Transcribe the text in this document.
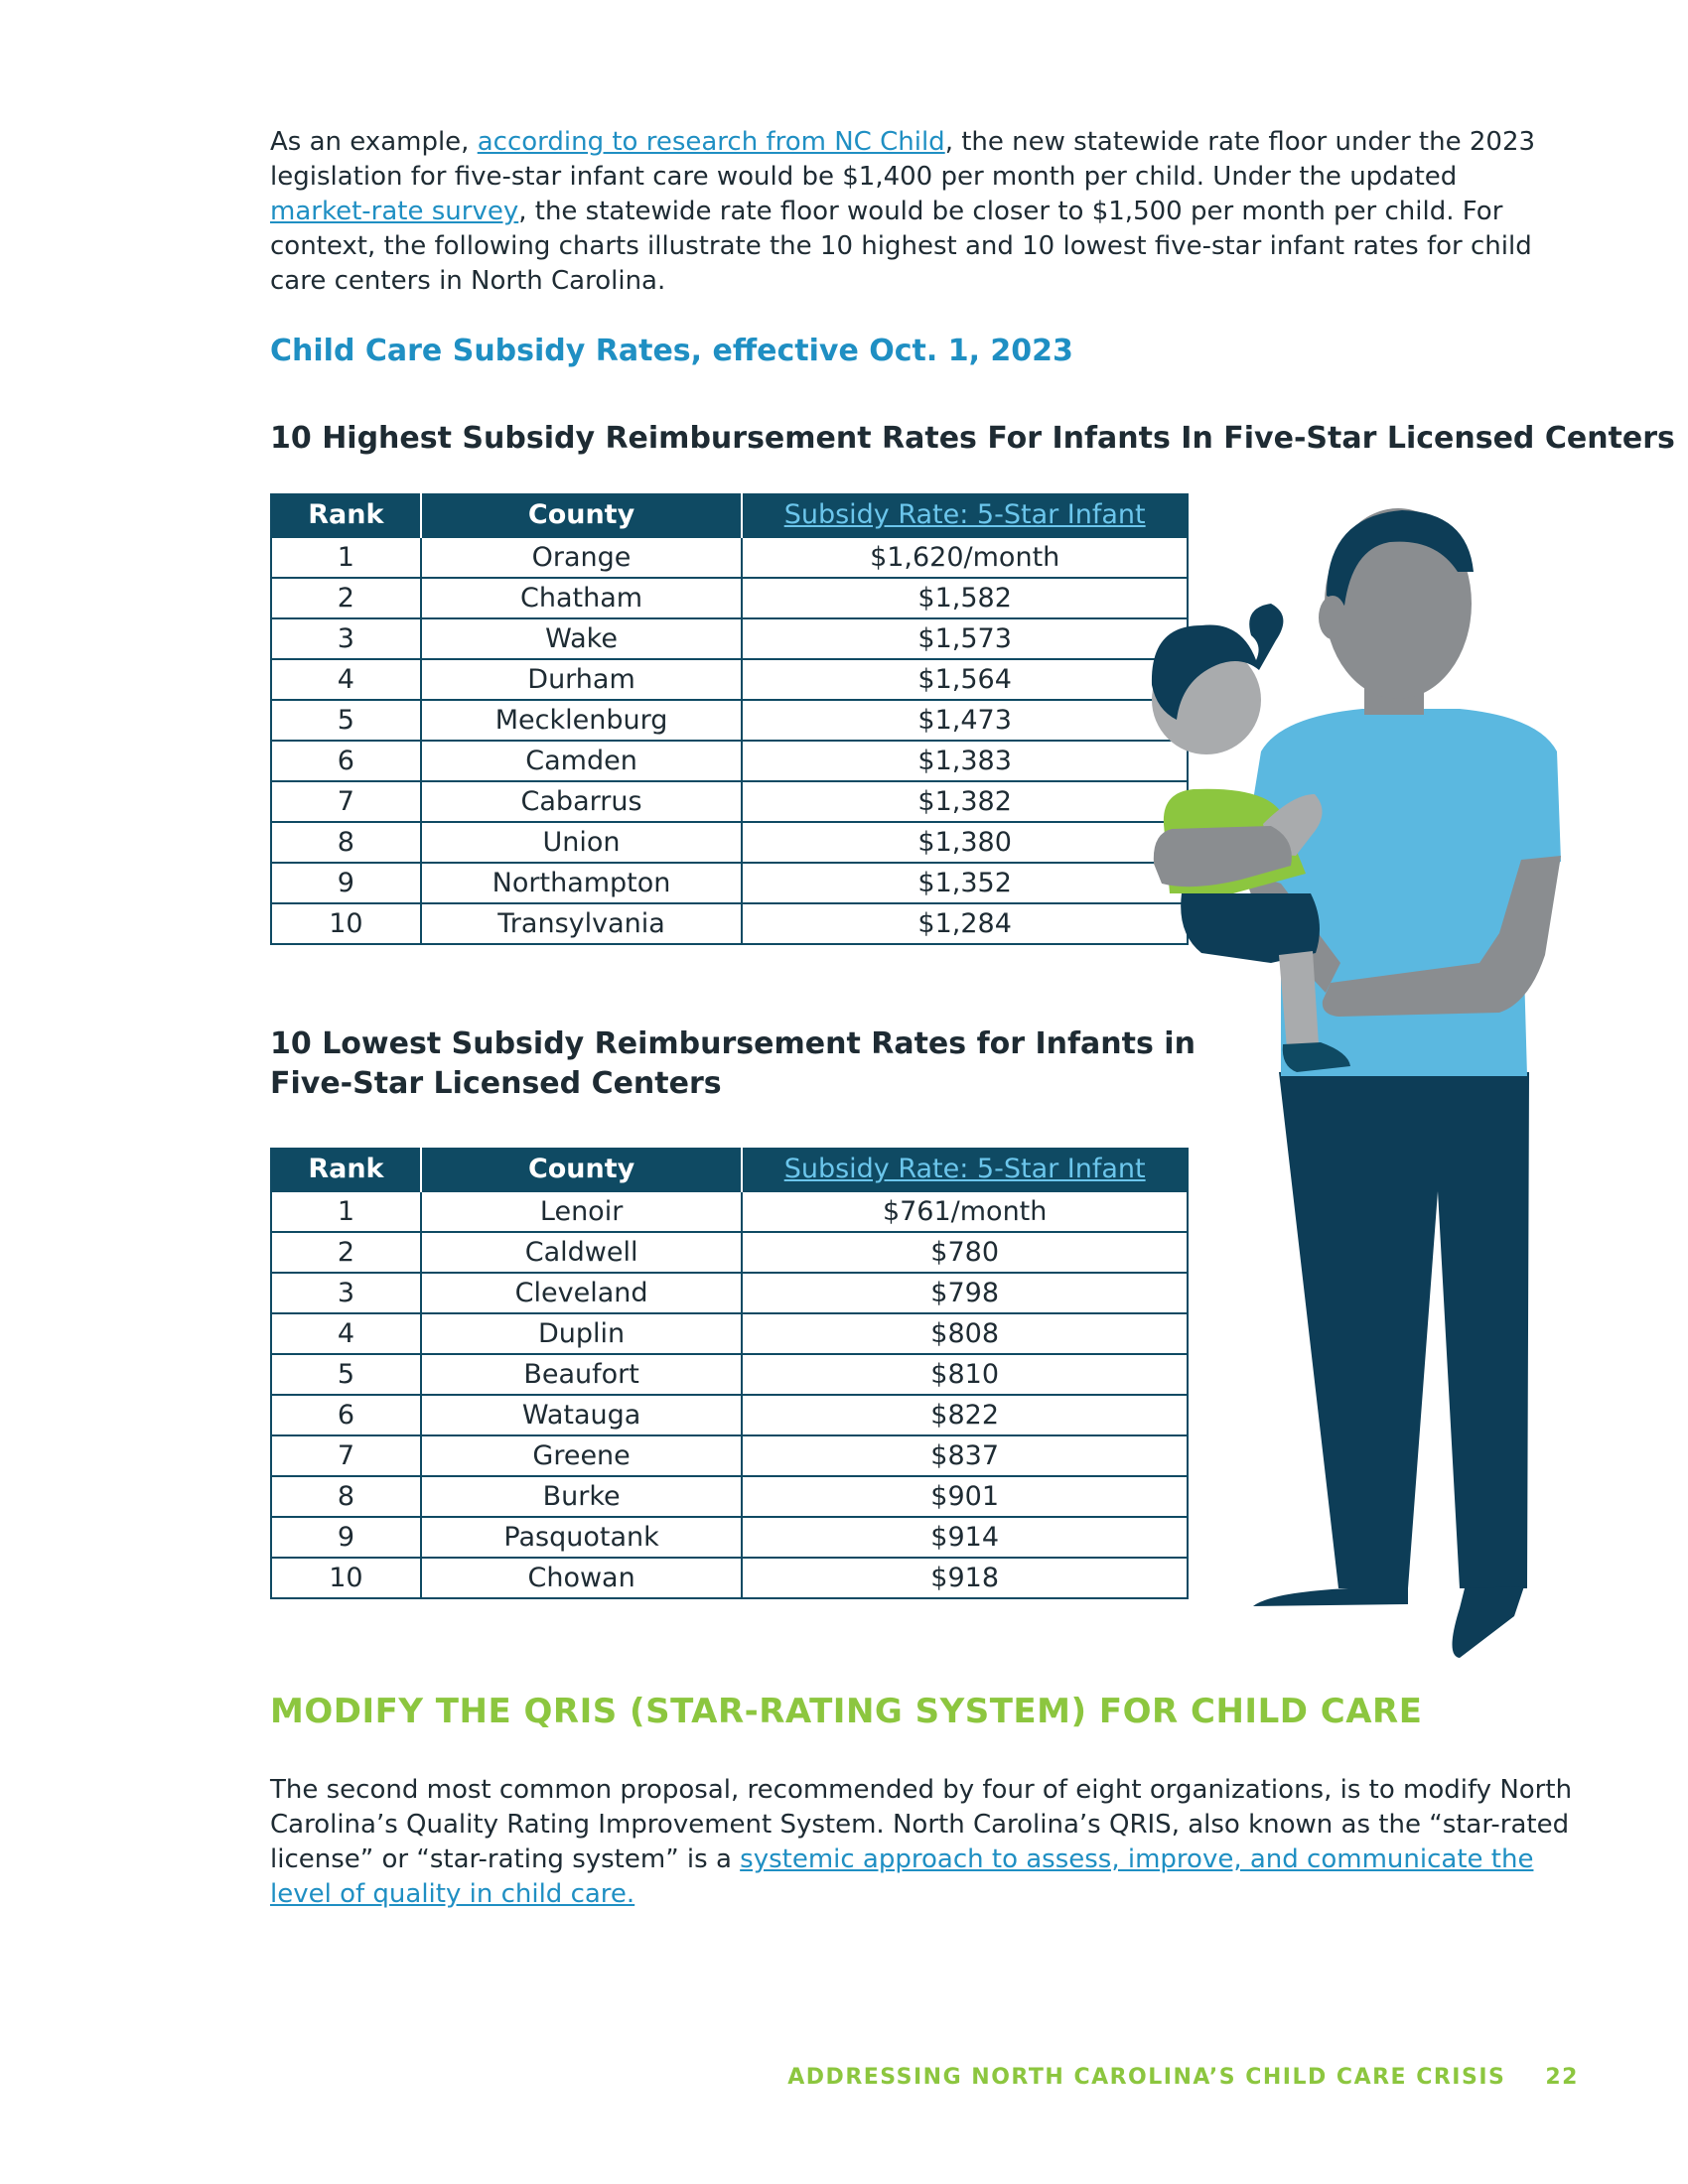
As an example, according to research from NC Child, the new statewide rate floor under the 2023 legislation for five-star infant care would be $1,400 per month per child. Under the updated market-rate survey, the statewide rate floor would be closer to $1,500 per month per child. For context, the following charts illustrate the 10 highest and 10 lowest five-star infant rates for child care centers in North Carolina.

Child Care Subsidy Rates, effective Oct. 1, 2023
10 Highest Subsidy Reimbursement Rates For Infants In Five-Star Licensed Centers
Rank	County	Subsidy Rate: 5-Star Infant
1	Orange	$1,620/month
2	Chatham	$1,582
3	Wake	$1,573
4	Durham	$1,564
5	Mecklenburg	$1,473
6	Camden	$1,383
7	Cabarrus	$1,382
8	Union	$1,380
9	Northampton	$1,352
10	Transylvania	$1,284
10 Lowest Subsidy Reimbursement Rates for Infants in
Five-Star Licensed Centers
Rank	County	Subsidy Rate: 5-Star Infant
1	Lenoir	$761/month
2	Caldwell	$780
3	Cleveland	$798
4	Duplin	$808
5	Beaufort	$810
6	Watauga	$822
7	Greene	$837
8	Burke	$901
9	Pasquotank	$914
10	Chowan	$918
MODIFY THE QRIS (STAR-RATING SYSTEM) FOR CHILD CARE

The second most common proposal, recommended by four of eight organizations, is to modify North Carolina’s Quality Rating Improvement System. North Carolina’s QRIS, also known as the “star-rated license” or “star-rating system” is a systemic approach to assess, improve, and communicate the level of quality in child care.

ADDRESSING NORTH CAROLINA’S CHILD CARE CRISIS 22
